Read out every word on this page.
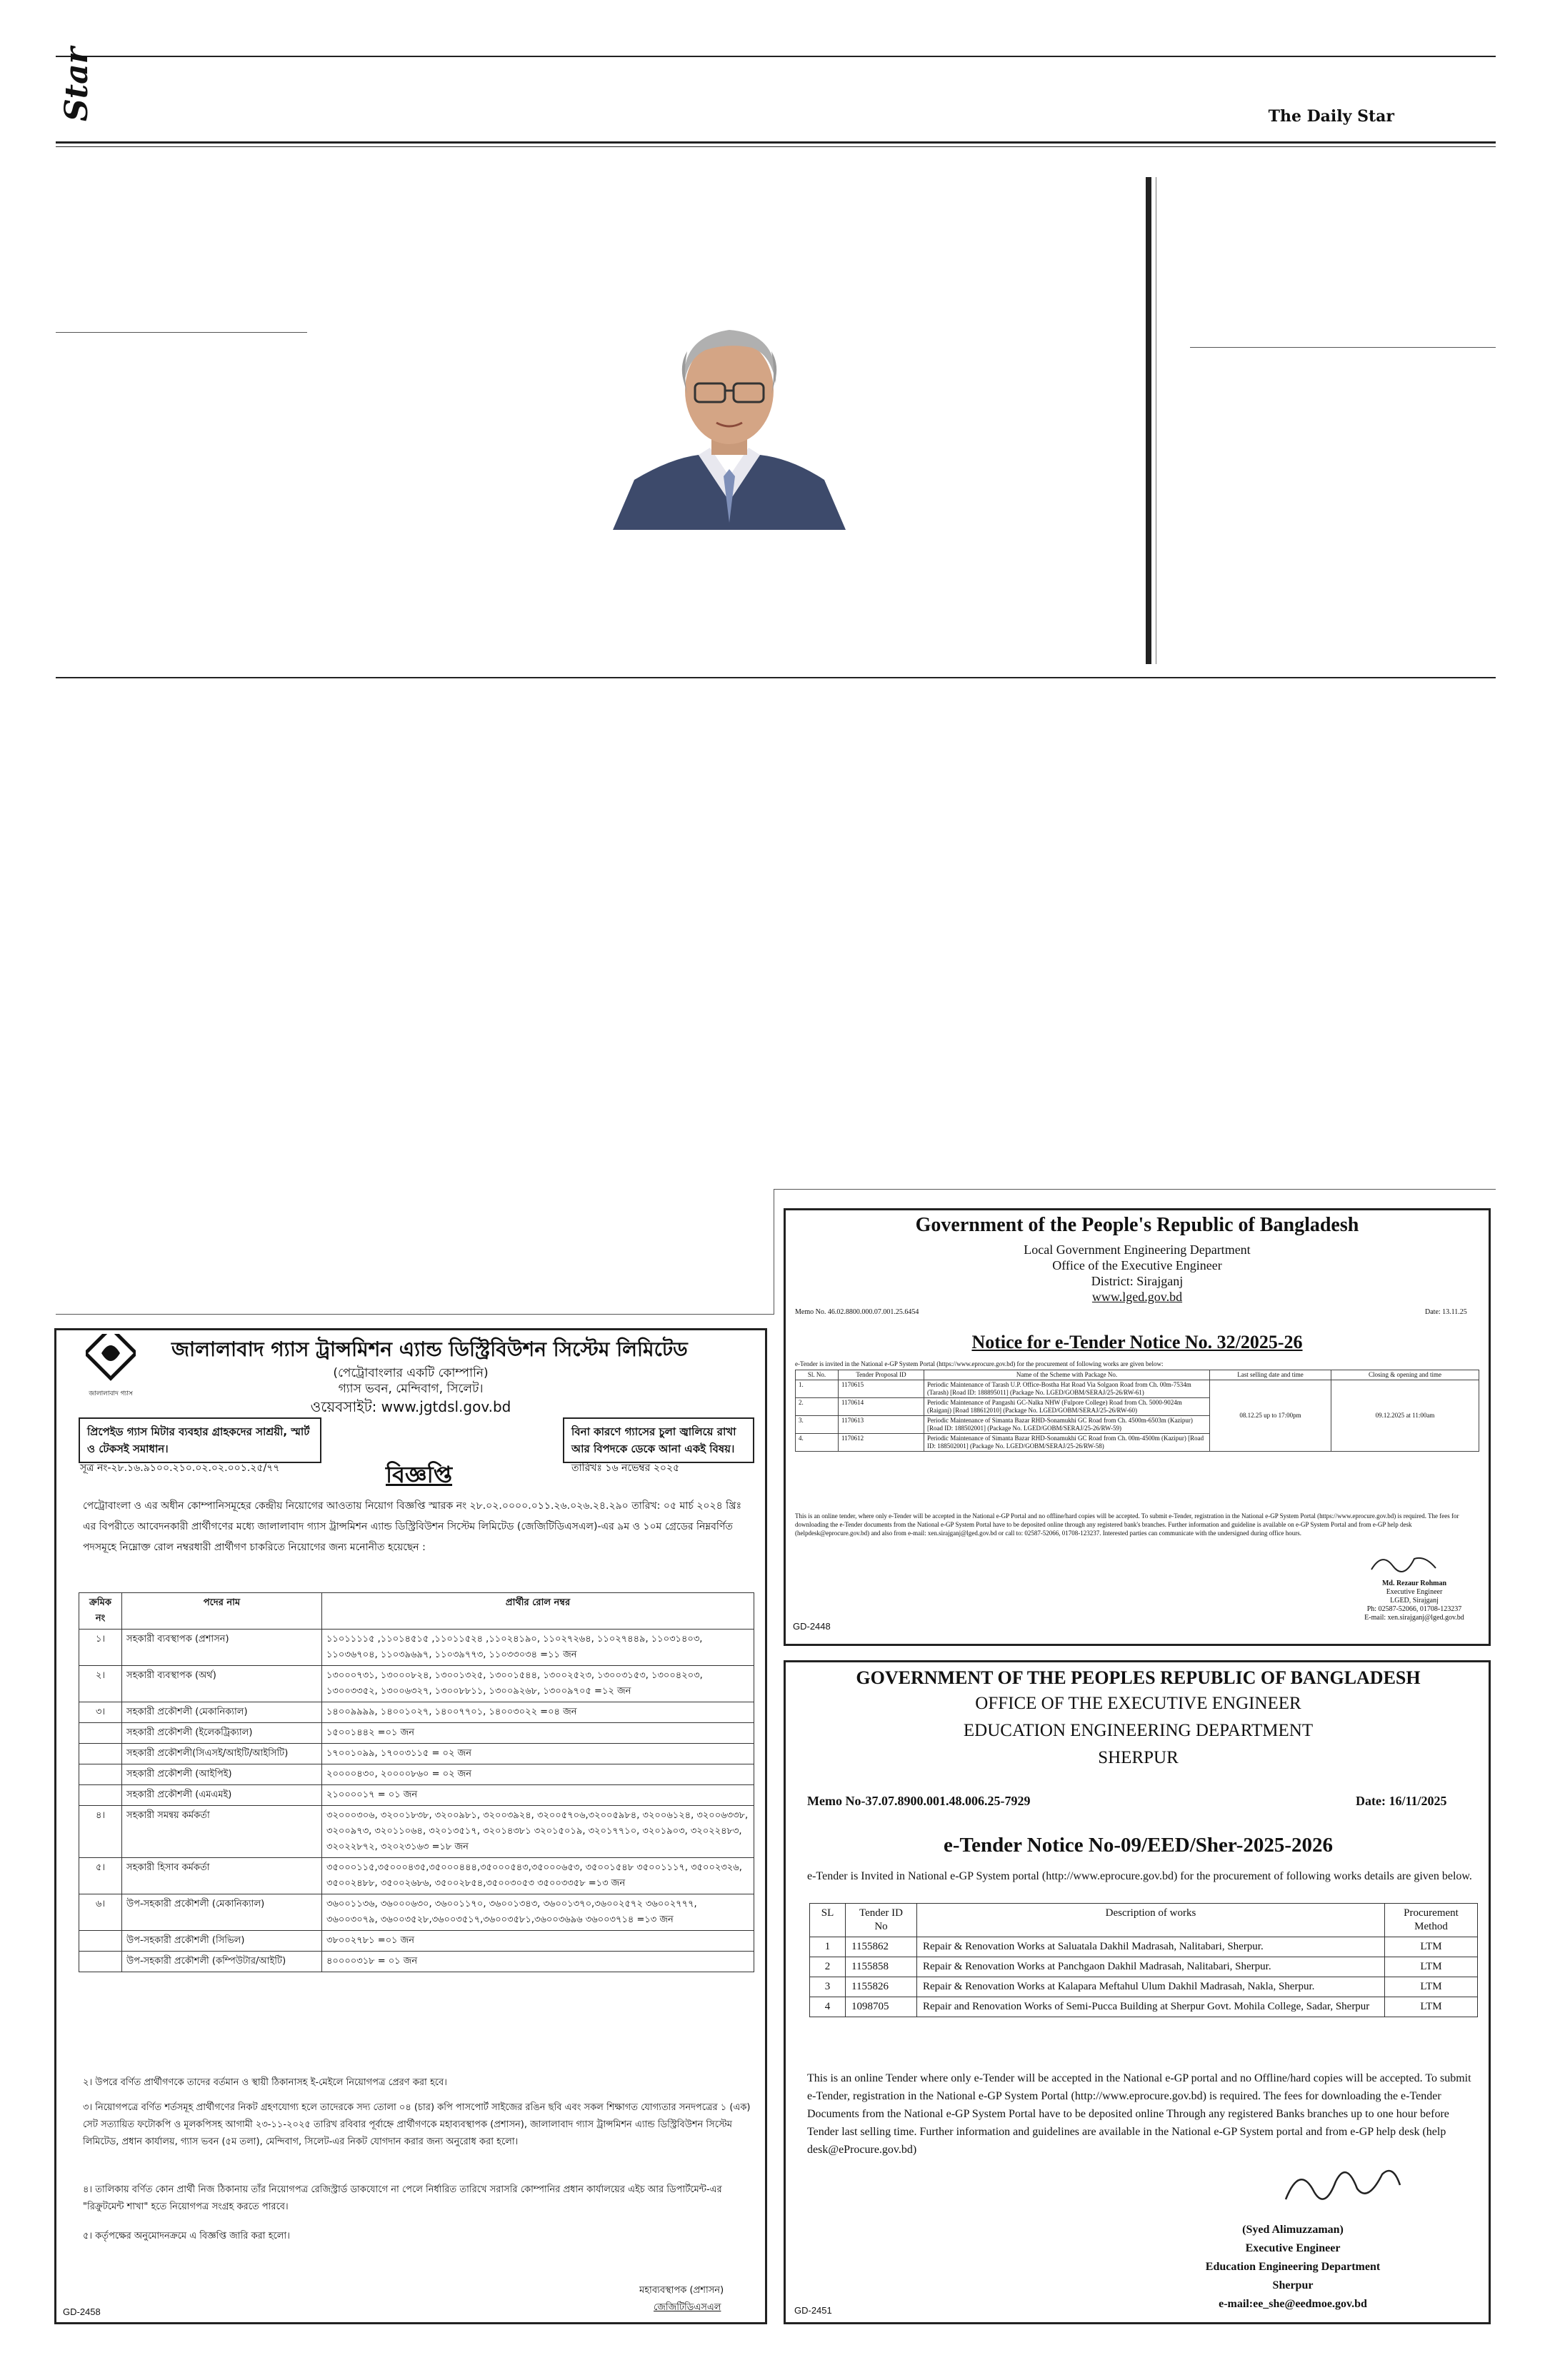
Star	The Daily Star
জালালাবাদ গ্যাস
জালালাবাদ গ্যাস ট্রান্সমিশন এ্যান্ড ডিস্ট্রিবিউশন সিস্টেম লিমিটেড
(পেট্রোবাংলার একটি কোম্পানি)
গ্যাস ভবন, মেন্দিবাগ, সিলেট।
ওয়েবসাইট: www.jgtdsl.gov.bd
প্রিপেইড গ্যাস মিটার ব্যবহার গ্রাহকদের সাশ্রয়ী, স্মার্ট ও টেকসই সমাধান।
বিনা কারণে গ্যাসের চুলা জ্বালিয়ে রাখা আর বিপদকে ডেকে আনা একই বিষয়।
সূত্র নং-২৮.১৬.৯১০০.২১০.০২.০২.০০১.২৫/৭৭	বিজ্ঞপ্তি	তারিখঃ ১৬ নভেম্বর ২০২৫
পেট্রোবাংলা ও এর অধীন কোম্পানিসমূহের কেন্দ্রীয় নিয়োগের আওতায় নিয়োগ বিজ্ঞপ্তি স্মারক নং ২৮.০২.০০০০.০১১.২৬.০২৬.২৪.২৯০ তারিখ: ০৫ মার্চ ২০২৪ খ্রিঃ এর বিপরীতে আবেদনকারী প্রার্থীগণের মধ্যে জালালাবাদ গ্যাস ট্রান্সমিশন এ্যান্ড ডিস্ট্রিবিউশন সিস্টেম লিমিটেড (জেজিটিডিএসএল)-এর ৯ম ও ১০ম গ্রেডের নিম্নবর্ণিত পদসমূহে নিম্নোক্ত রোল নম্বরধারী প্রার্থীগণ চাকরিতে নিয়োগের জন্য মনোনীত হয়েছেন :
ক্রমিক নং	পদের নাম	প্রার্থীর রোল নম্বর
১।	সহকারী ব্যবস্থাপক (প্রশাসন)	১১০১১১১৫ ,১১০১৪৫১৫ ,১১০১১৫২৪ ,১১০২৪১৯০, ১১০২৭২৬৪, ১১০২৭৪৪৯, ১১০৩১৪০৩, ১১০৩৬৭০৪, ১১০৩৯৬৯৭, ১১০৩৯৭৭৩, ১১০৩৩০৩৪ =১১ জন
২।	সহকারী ব্যবস্থাপক (অর্থ)	১৩০০০৭৩১, ১৩০০০৮২৪, ১৩০০১৩২৫, ১৩০০১৫৪৪, ১৩০০২৫২৩, ১৩০০৩১৫৩, ১৩০০৪২০৩, ১৩০০৩৩৫২, ১৩০০৬৩২৭, ১৩০০৮৮১১, ১৩০০৯২৬৮, ১৩০০৯৭০৫ =১২ জন
৩।	সহকারী প্রকৌশলী (মেকানিক্যাল)	১৪০০৯৯৯৯, ১৪০০১০২৭, ১৪০০৭৭০১, ১৪০০৩০২২ =০৪ জন
	সহকারী প্রকৌশলী (ইলেকট্রিক্যাল)	১৫০০১৪৪২ =০১ জন
	সহকারী প্রকৌশলী(সিএসই/আইটি/আইসিটি)	১৭০০১০৯৯, ১৭০০৩১১৫ = ০২ জন
	সহকারী প্রকৌশলী (আইপিই)	২০০০০৪৩০, ২০০০০৮৬০ = ০২ জন
	সহকারী প্রকৌশলী (এমএমই)	২১০০০০১৭ = ০১ জন
৪।	সহকারী সমন্বয় কর্মকর্তা	৩২০০০৩০৬, ৩২০০১৮৩৮, ৩২০০৯৮১, ৩২০০৩৯২৪, ৩২০০৫৭০৬,৩২০০৫৯৮৪, ৩২০০৬১২৪, ৩২০০৬৩৩৮, ৩২০০৯৭৩, ৩২০১১০৬৪, ৩২০১৩৫১৭, ৩২০১৪৩৮১ ৩২০১৫০১৯, ৩২০১৭৭১০, ৩২০১৯০৩, ৩২০২২৪৮৩, ৩২০২২৮৭২, ৩২০২৩১৬৩ =১৮ জন
৫।	সহকারী হিসাব কর্মকর্তা	৩৫০০০১১৫,৩৫০০০৪৩৫,৩৫০০০৪৪৪,৩৫০০০৫৪৩,৩৫০০০৬৫৩, ৩৫০০১৫৪৮ ৩৫০০১১১৭, ৩৫০০২৩২৬, ৩৫০০২৪৮৮, ৩৫০০২৬৮৬, ৩৫০০২৮৫৪,৩৫০০৩০৫৩ ৩৫০০৩৩৫৮ =১৩ জন
৬।	উপ-সহকারী প্রকৌশলী (মেকানিক্যাল)	৩৬০০১১৩৬, ৩৬০০০৬৩০, ৩৬০০১১৭০, ৩৬০০১৩৪৩, ৩৬০০১৩৭০,৩৬০০২৫৭২ ৩৬০০২৭৭৭, ৩৬০০৩০৭৯, ৩৬০০৩৫২৮,৩৬০০৩৫১৭,৩৬০০৩৫৮১,৩৬০০৩৬৯৬ ৩৬০০৩৭১৪ =১৩ জন
	উপ-সহকারী প্রকৌশলী (সিভিল)	৩৮০০২৭৮১ =০১ জন
	উপ-সহকারী প্রকৌশলী (কম্পিউটার/আইটি)	৪০০০০৩১৮ = ০১ জন
২। উপরে বর্ণিত প্রার্থীগণকে তাদের বর্তমান ও স্থায়ী ঠিকানাসহ ই-মেইলে নিয়োগপত্র প্রেরণ করা হবে।
৩। নিয়োগপত্রে বর্ণিত শর্তসমূহ প্রার্থীগণের নিকট গ্রহণযোগ্য হলে তাদেরকে সদ্য তোলা ০৪ (চার) কপি পাসপোর্ট সাইজের রঙিন ছবি এবং সকল শিক্ষাগত যোগ্যতার সনদপত্রের ১ (এক) সেট সত্যায়িত ফটোকপি ও মূলকপিসহ আগামী ২৩-১১-২০২৫ তারিখ রবিবার পূর্বাহ্নে প্রার্থীগণকে মহাব্যবস্থাপক (প্রশাসন), জালালাবাদ গ্যাস ট্রান্সমিশন এ্যান্ড ডিস্ট্রিবিউশন সিস্টেম লিমিটেড, প্রধান কার্যালয়, গ্যাস ভবন (৫ম তলা), মেন্দিবাগ, সিলেট-এর নিকট যোগদান করার জন্য অনুরোধ করা হলো।
৪। তালিকায় বর্ণিত কোন প্রার্থী নিজ ঠিকানায় তাঁর নিয়োগপত্র রেজিস্ট্রার্ড ডাকযোগে না পেলে নির্ধারিত তারিখে সরাসরি কোম্পানির প্রধান কার্যালয়ের এইচ আর ডিপার্টমেন্ট-এর "রিক্রুটমেন্ট শাখা" হতে নিয়োগপত্র সংগ্রহ করতে পারবে।
৫। কর্তৃপক্ষের অনুমোদনক্রমে এ বিজ্ঞপ্তি জারি করা হলো।
মহাব্যবস্থাপক (প্রশাসন)
জেজিটিডিএসএল
GD-2458
Government of the People's Republic of Bangladesh
Local Government Engineering Department
Office of the Executive Engineer
District: Sirajganj
www.lged.gov.bd
Memo No. 46.02.8800.000.07.001.25.6454	Date: 13.11.25
Notice for e-Tender Notice No. 32/2025-26
e-Tender is invited in the National e-GP System Portal (https://www.eprocure.gov.bd) for the procurement of following works are given below:
Sl. No.	Tender Proposal ID	Name of the Scheme with Package No.	Last selling date and time	Closing & opening and time
1.	1170615	Periodic Maintenance of Tarash U.P. Office-Bostha Hat Road Via Solgaon Road from Ch. 00m-7534m (Tarash) [Road ID: 188895011] (Package No. LGED/GOBM/SERAJ/25-26/RW-61)	08.12.25 up to 17:00pm	09.12.2025 at 11:00am
2.	1170614	Periodic Maintenance of Pangashi GC-Nalka NHW (Fulpore College) Road from Ch. 5000-9024m (Raiganj) [Road 188612010] (Package No. LGED/GOBM/SERAJ/25-26/RW-60)		
3.	1170613	Periodic Maintenance of Simanta Bazar RHD-Sonamukhi GC Road from Ch. 4500m-6503m (Kazipur) [Road ID: 188502001] (Package No. LGED/GOBM/SERAJ/25-26/RW-59)		
4.	1170612	Periodic Maintenance of Simanta Bazar RHD-Sonamukhi GC Road from Ch. 00m-4500m (Kazipur) [Road ID: 188502001] (Package No. LGED/GOBM/SERAJ/25-26/RW-58)		
This is an online tender, where only e-Tender will be accepted in the National e-GP Portal and no offline/hard copies will be accepted. To submit e-Tender, registration in the National e-GP System Portal (https://www.eprocure.gov.bd) is required. The fees for downloading the e-Tender documents from the National e-GP System Portal have to be deposited online through any registered bank's branches. Further information and guideline is available on e-GP System Portal and from e-GP help desk (helpdesk@eprocure.gov.bd) and also from e-mail: xen.sirajganj@lged.gov.bd or call to: 02587-52066, 01708-123237. Interested parties can communicate with the undersigned during office hours.
Md. Rezaur Rohman
Executive Engineer
LGED, Sirajganj
Ph: 02587-52066, 01708-123237
E-mail: xen.sirajganj@lged.gov.bd
GD-2448
GOVERNMENT OF THE PEOPLES REPUBLIC OF BANGLADESH
OFFICE OF THE EXECUTIVE ENGINEER
EDUCATION ENGINEERING DEPARTMENT
SHERPUR
Memo No-37.07.8900.001.48.006.25-7929	Date: 16/11/2025
e-Tender Notice No-09/EED/Sher-2025-2026
e-Tender is Invited in National e-GP System portal (http://www.eprocure.gov.bd) for the procurement of following works details are given below.
SL	Tender ID No	Description of works	Procurement Method
1	1155862	Repair & Renovation Works at Saluatala Dakhil Madrasah, Nalitabari, Sherpur.	LTM
2	1155858	Repair & Renovation Works at Panchgaon Dakhil Madrasah, Nalitabari, Sherpur.	LTM
3	1155826	Repair & Renovation Works at Kalapara Meftahul Ulum Dakhil Madrasah, Nakla, Sherpur.	LTM
4	1098705	Repair and Renovation Works of Semi-Pucca Building at Sherpur Govt. Mohila College, Sadar, Sherpur	LTM
This is an online Tender where only e-Tender will be accepted in the National e-GP portal and no Offline/hard copies will be accepted. To submit e-Tender, registration in the National e-GP System Portal (http://www.eprocure.gov.bd) is required. The fees for downloading the e-Tender Documents from the National e-GP System Portal have to be deposited online Through any registered Banks branches up to one hour before Tender last selling time. Further information and guidelines are available in the National e-GP System portal and from e-GP help desk (help desk@eProcure.gov.bd)
(Syed Alimuzzaman)
Executive Engineer
Education Engineering Department
Sherpur
e-mail:ee_she@eedmoe.gov.bd
GD-2451
